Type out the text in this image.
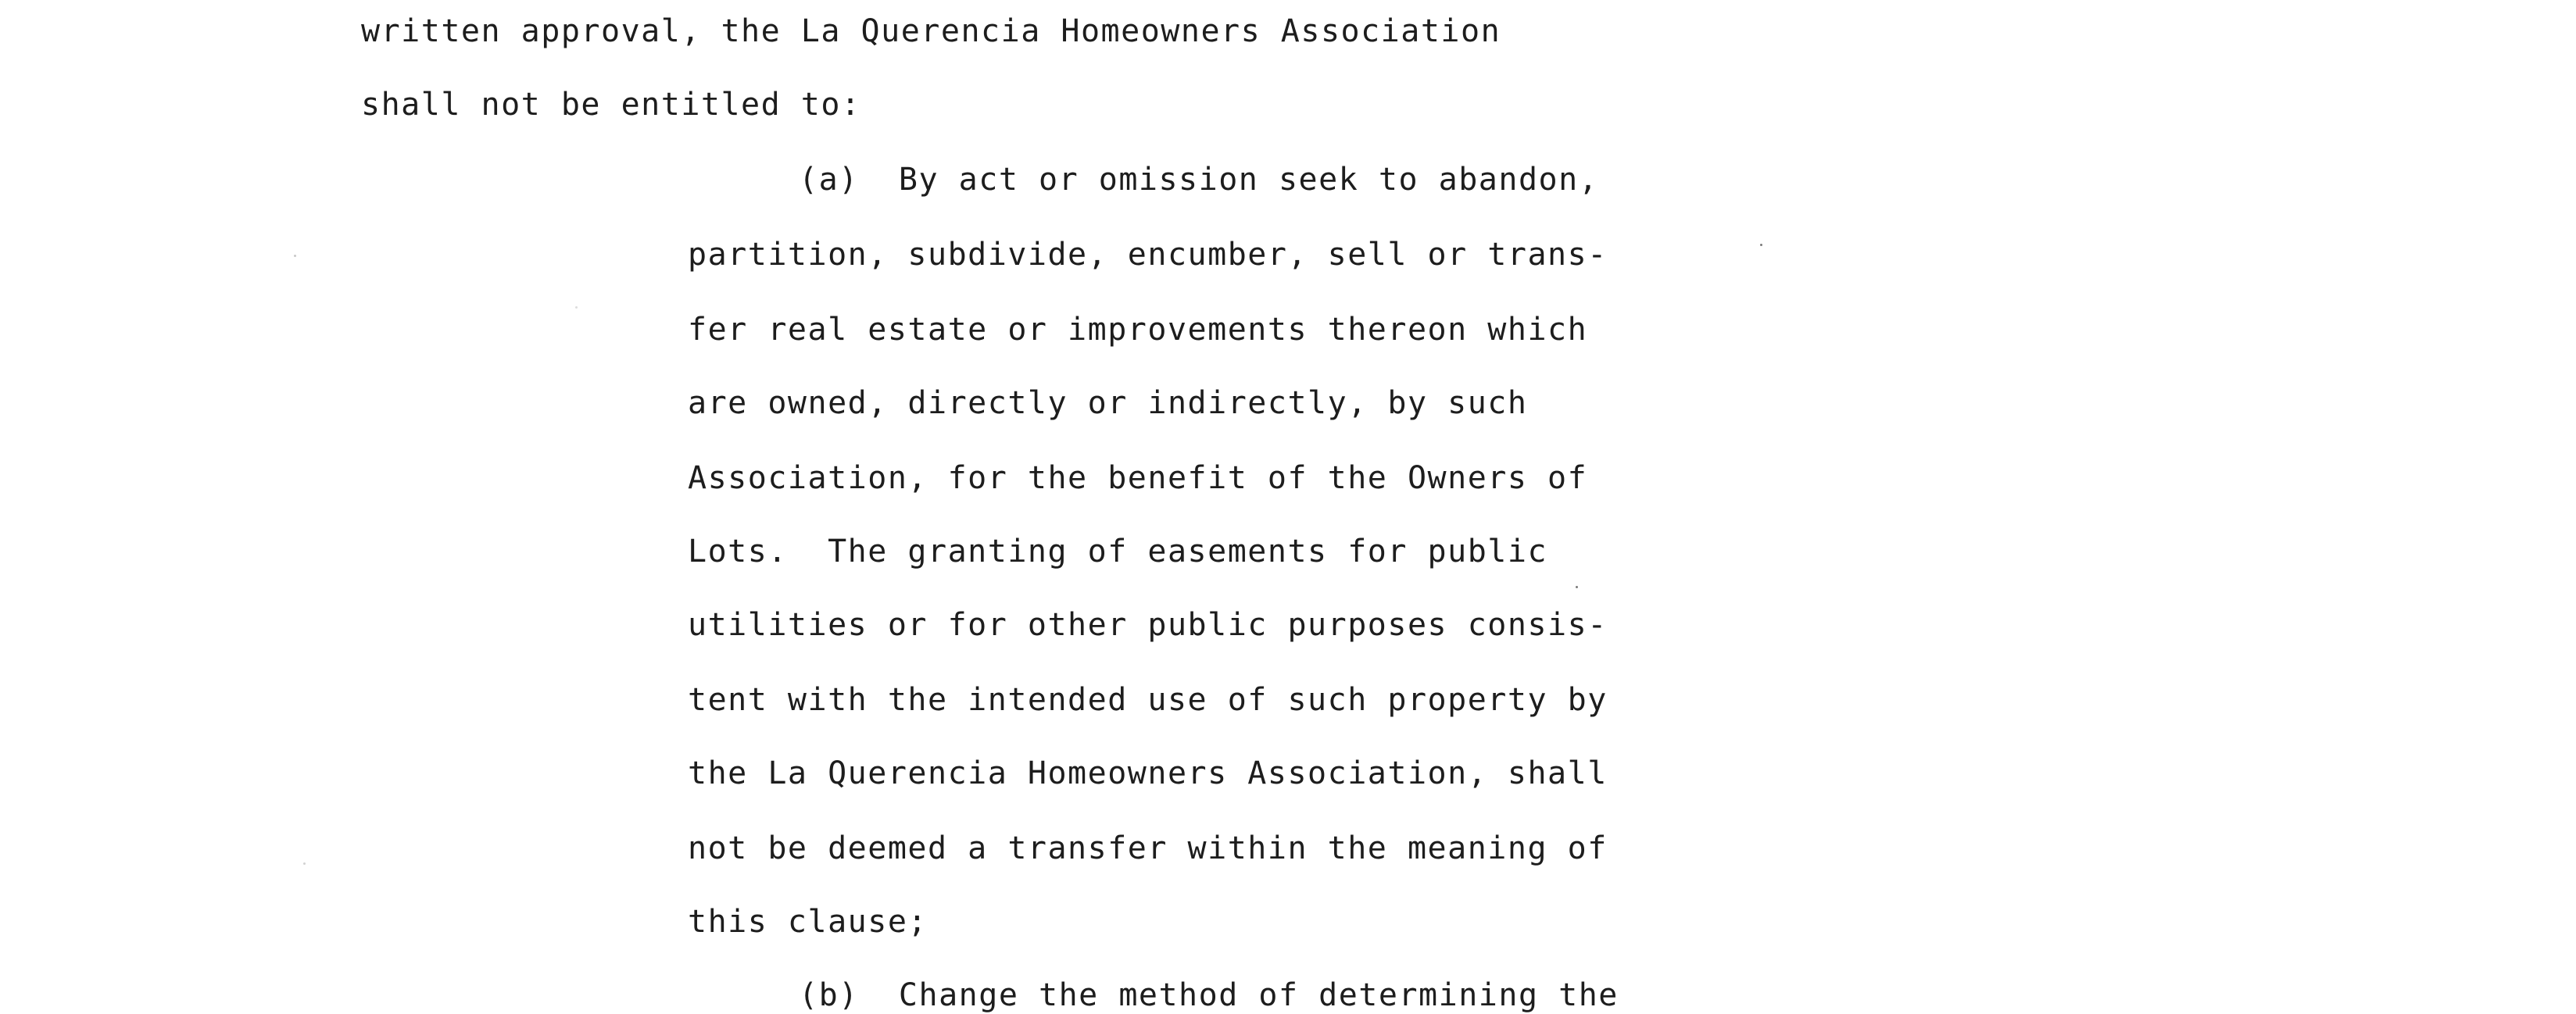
written approval, the La Querencia Homeowners Association
shall not be entitled to:
(a)  By act or omission seek to abandon,
partition, subdivide, encumber, sell or trans-
fer real estate or improvements thereon which
are owned, directly or indirectly, by such
Association, for the benefit of the Owners of
Lots.  The granting of easements for public
utilities or for other public purposes consis-
tent with the intended use of such property by
the La Querencia Homeowners Association, shall
not be deemed a transfer within the meaning of
this clause;
(b)  Change the method of determining the
